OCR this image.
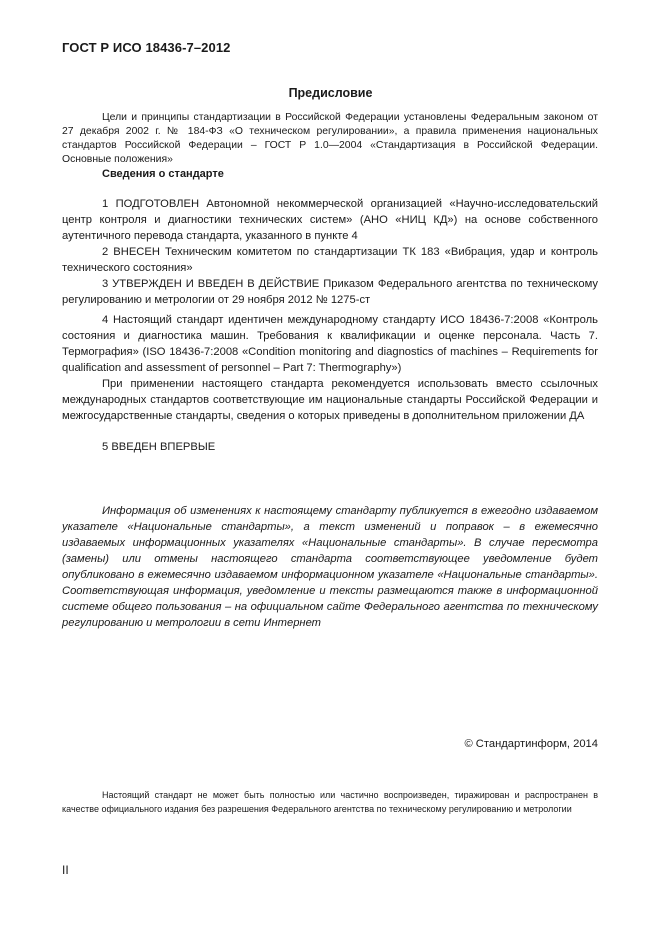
ГОСТ Р ИСО 18436-7–2012
Предисловие
Цели и принципы стандартизации в Российской Федерации установлены Федеральным законом от 27 декабря 2002 г. № 184-ФЗ «О техническом регулировании», а правила применения национальных стандартов Российской Федерации – ГОСТ Р 1.0—2004 «Стандартизация в Российской Федерации. Основные положения»
Сведения о стандарте
1 ПОДГОТОВЛЕН Автономной некоммерческой организацией «Научно-исследовательский центр контроля и диагностики технических систем» (АНО «НИЦ КД») на основе собственного аутентичного перевода стандарта, указанного в пункте 4
2 ВНЕСЕН Техническим комитетом по стандартизации ТК 183 «Вибрация, удар и контроль технического состояния»
3 УТВЕРЖДЕН И ВВЕДЕН В ДЕЙСТВИЕ Приказом Федерального агентства по техническому регулированию и метрологии от 29 ноября 2012 № 1275-ст
4 Настоящий стандарт идентичен международному стандарту ИСО 18436-7:2008 «Контроль состояния и диагностика машин. Требования к квалификации и оценке персонала. Часть 7. Термография» (ISO 18436-7:2008 «Condition monitoring and diagnostics of machines – Requirements for qualification and assessment of personnel – Part 7: Thermography»)
При применении настоящего стандарта рекомендуется использовать вместо ссылочных международных стандартов соответствующие им национальные стандарты Российской Федерации и межгосударственные стандарты, сведения о которых приведены в дополнительном приложении ДА
5 ВВЕДЕН ВПЕРВЫЕ
Информация об изменениях к настоящему стандарту публикуется в ежегодно издаваемом указателе «Национальные стандарты», а текст изменений и поправок – в ежемесячно издаваемых информационных указателях «Национальные стандарты». В случае пересмотра (замены) или отмены настоящего стандарта соответствующее уведомление будет опубликовано в ежемесячно издаваемом информационном указателе «Национальные стандарты». Соответствующая информация, уведомление и тексты размещаются также в информационной системе общего пользования – на официальном сайте Федерального агентства по техническому регулированию и метрологии в сети Интернет
© Стандартинформ, 2014
Настоящий стандарт не может быть полностью или частично воспроизведен, тиражирован и распространен в качестве официального издания без разрешения Федерального агентства по техническому регулированию и метрологии
II
